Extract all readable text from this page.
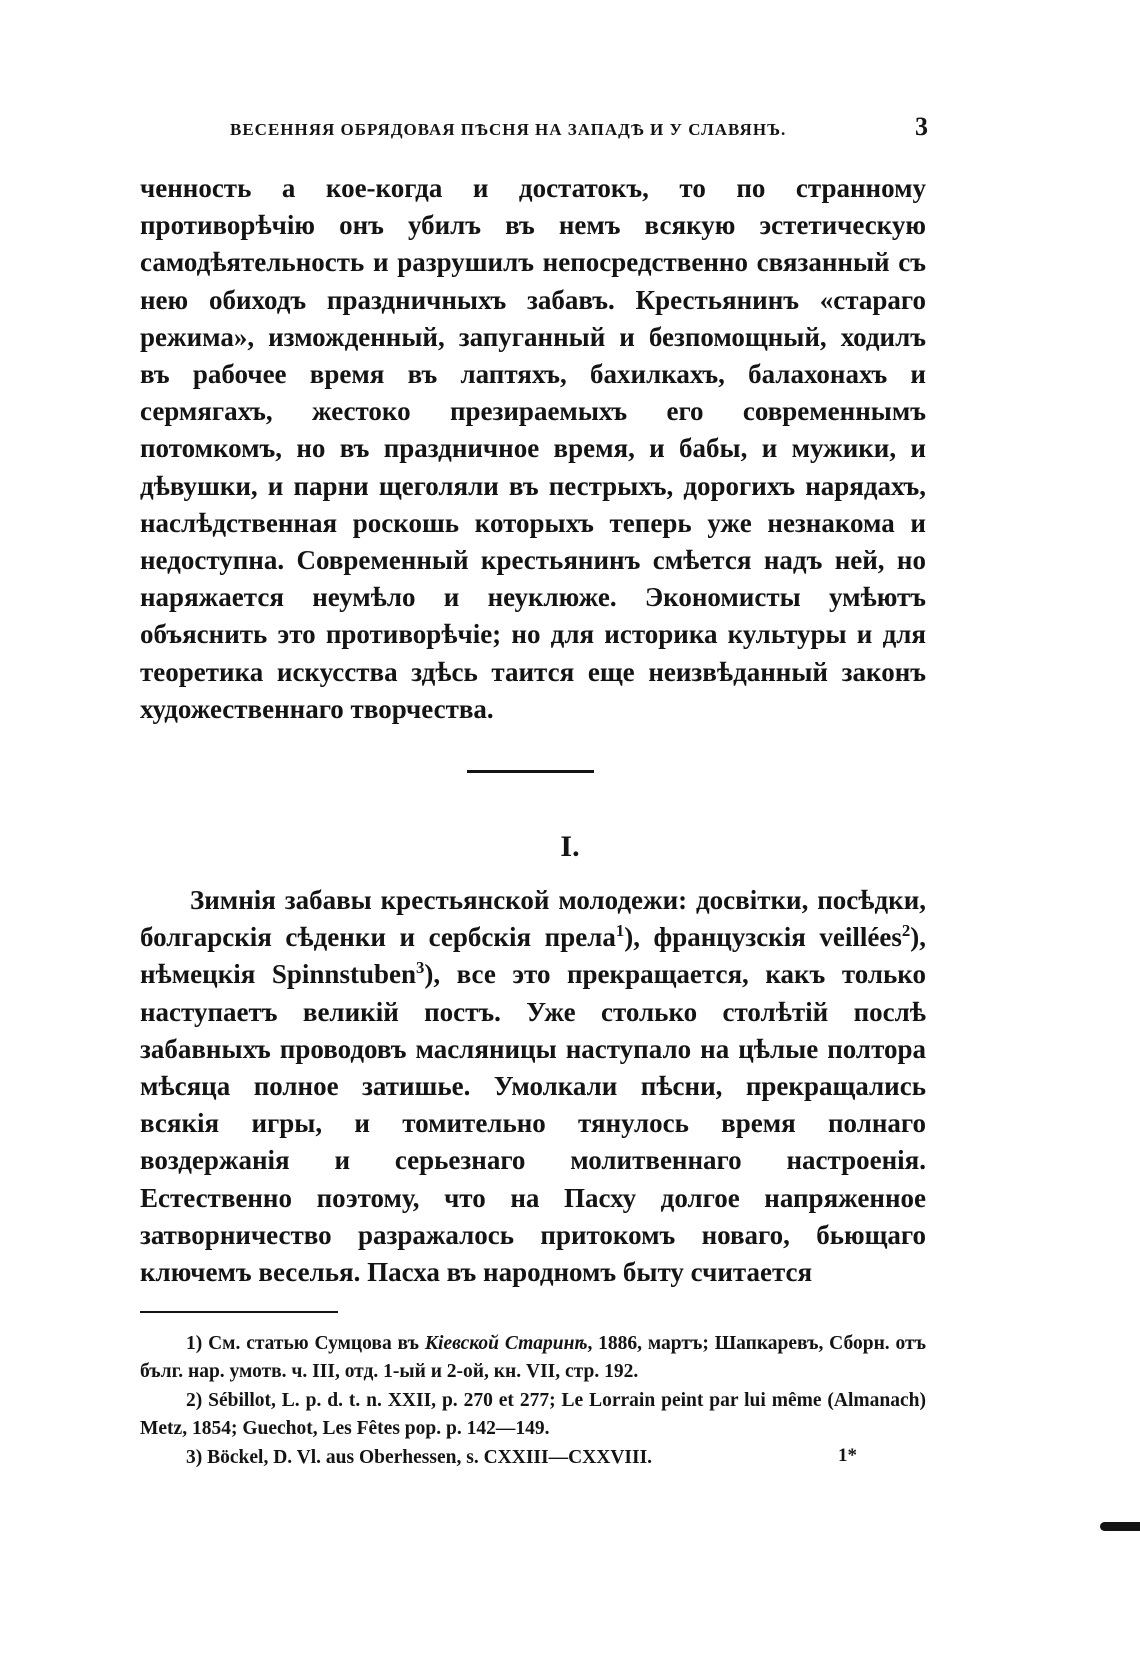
ВЕСЕННЯЯ ОБРЯДОВАЯ ПѢСНЯ НА ЗАПАДѢ И У СЛАВЯНЪ.	3

ченность а кое-когда и достатокъ, то по странному противорѣчію онъ убилъ въ немъ всякую эстетическую самодѣятельность и разрушилъ непосредственно связанный съ нею обиходъ праздничныхъ забавъ. Крестьянинъ «стараго режима», изможденный, запуганный и безпомощный, ходилъ въ рабочее время въ лаптяхъ, бахилкахъ, балахонахъ и сермягахъ, жестоко презираемыхъ его современнымъ потомкомъ, но въ праздничное время, и бабы, и мужики, и дѣвушки, и парни щеголяли въ пестрыхъ, дорогихъ нарядахъ, наслѣдственная роскошь которыхъ теперь уже незнакома и недоступна. Современный крестьянинъ смѣется надъ ней, но наряжается неумѣло и неуклюже. Экономисты умѣютъ объяснить это противорѣчіе; но для историка культуры и для теоретика искусства здѣсь таится еще неизвѣданный законъ художественнаго творчества.

I.

Зимнія забавы крестьянской молодежи: досвітки, посѣдки, болгарскія сѣденки и сербскія прела$^1$), французскія veillées$^2$), нѣмецкія Spinnstuben$^3$), все это прекращается, какъ только наступаетъ великій постъ. Уже столько столѣтій послѣ забавныхъ проводовъ масляницы наступало на цѣлые полтора мѣсяца полное затишье. Умолкали пѣсни, прекращались всякія игры, и томительно тянулось время полнаго воздержанія и серьезнаго молитвеннаго настроенія. Естественно поэтому, что на Пасху долгое напряженное затворничество разражалось притокомъ новаго, бьющаго ключемъ веселья. Пасха въ народномъ быту считается

1) См. статью Сумцова въ Кіевской Старинѣ, 1886, мартъ; Шапкаревъ, Сборн. отъ бълг. нар. умотв. ч. III, отд. 1-ый и 2-ой, кн. VII, стр. 192.
2) Sébillot, L. p. d. t. n. XXII, p. 270 et 277; Le Lorrain peint par lui même (Almanach) Metz, 1854; Guechot, Les Fêtes pop. p. 142—149.
3) Böckel, D. Vl. aus Oberhessen, s. CXXIII—CXXVIII.	1*
